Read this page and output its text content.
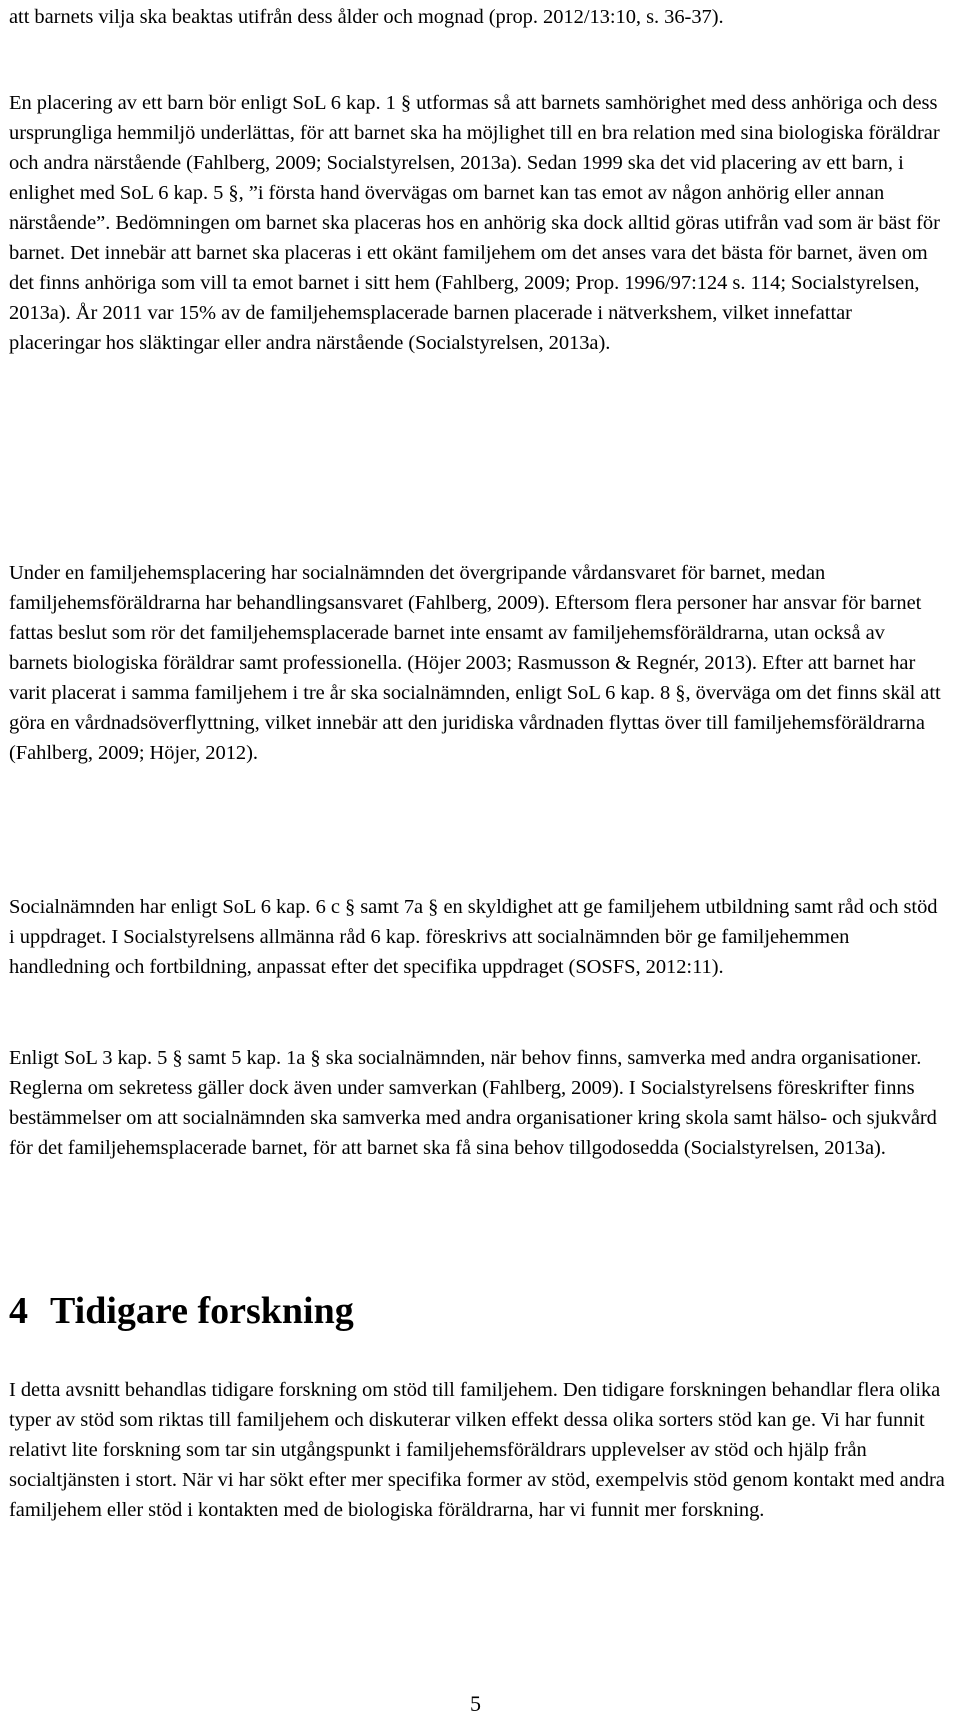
att barnets vilja ska beaktas utifrån dess ålder och mognad (prop. 2012/13:10, s. 36-37).

En placering av ett barn bör enligt SoL 6 kap. 1 § utformas så att barnets samhörighet med dess anhöriga och dess ursprungliga hemmiljö underlättas, för att barnet ska ha möjlighet till en bra relation med sina biologiska föräldrar och andra närstående (Fahlberg, 2009; Socialstyrelsen, 2013a). Sedan 1999 ska det vid placering av ett barn, i enlighet med SoL 6 kap. 5 §, ”i första hand övervägas om barnet kan tas emot av någon anhörig eller annan närstående”. Bedömningen om barnet ska placeras hos en anhörig ska dock alltid göras utifrån vad som är bäst för barnet. Det innebär att barnet ska placeras i ett okänt familjehem om det anses vara det bästa för barnet, även om det finns anhöriga som vill ta emot barnet i sitt hem (Fahlberg, 2009; Prop. 1996/97:124 s. 114; Socialstyrelsen, 2013a). År 2011 var 15% av de familjehemsplacerade barnen placerade i nätverkshem, vilket innefattar placeringar hos släktingar eller andra närstående (Socialstyrelsen, 2013a).

Under en familjehemsplacering har socialnämnden det övergripande vårdansvaret för barnet, medan familjehemsföräldrarna har behandlingsansvaret (Fahlberg, 2009). Eftersom flera personer har ansvar för barnet fattas beslut som rör det familjehemsplacerade barnet inte ensamt av familjehemsföräldrarna, utan också av barnets biologiska föräldrar samt professionella. (Höjer 2003; Rasmusson & Regnér, 2013). Efter att barnet har varit placerat i samma familjehem i tre år ska socialnämnden, enligt SoL 6 kap. 8 §, överväga om det finns skäl att göra en vårdnadsöverflyttning, vilket innebär att den juridiska vårdnaden flyttas över till familjehemsföräldrarna (Fahlberg, 2009; Höjer, 2012).

Socialnämnden har enligt SoL 6 kap. 6 c § samt 7a § en skyldighet att ge familjehem utbildning samt råd och stöd i uppdraget. I Socialstyrelsens allmänna råd 6 kap. föreskrivs att socialnämnden bör ge familjehemmen handledning och fortbildning, anpassat efter det specifika uppdraget (SOSFS, 2012:11).

Enligt SoL 3 kap. 5 § samt 5 kap. 1a § ska socialnämnden, när behov finns, samverka med andra organisationer. Reglerna om sekretess gäller dock även under samverkan (Fahlberg, 2009). I Socialstyrelsens föreskrifter finns bestämmelser om att socialnämnden ska samverka med andra organisationer kring skola samt hälso- och sjukvård för det familjehemsplacerade barnet, för att barnet ska få sina behov tillgodosedda (Socialstyrelsen, 2013a).

4 Tidigare forskning

I detta avsnitt behandlas tidigare forskning om stöd till familjehem. Den tidigare forskningen behandlar flera olika typer av stöd som riktas till familjehem och diskuterar vilken effekt dessa olika sorters stöd kan ge. Vi har funnit relativt lite forskning som tar sin utgångspunkt i familjehemsföräldrars upplevelser av stöd och hjälp från socialtjänsten i stort. När vi har sökt efter mer specifika former av stöd, exempelvis stöd genom kontakt med andra familjehem eller stöd i kontakten med de biologiska föräldrarna, har vi funnit mer forskning.

5
